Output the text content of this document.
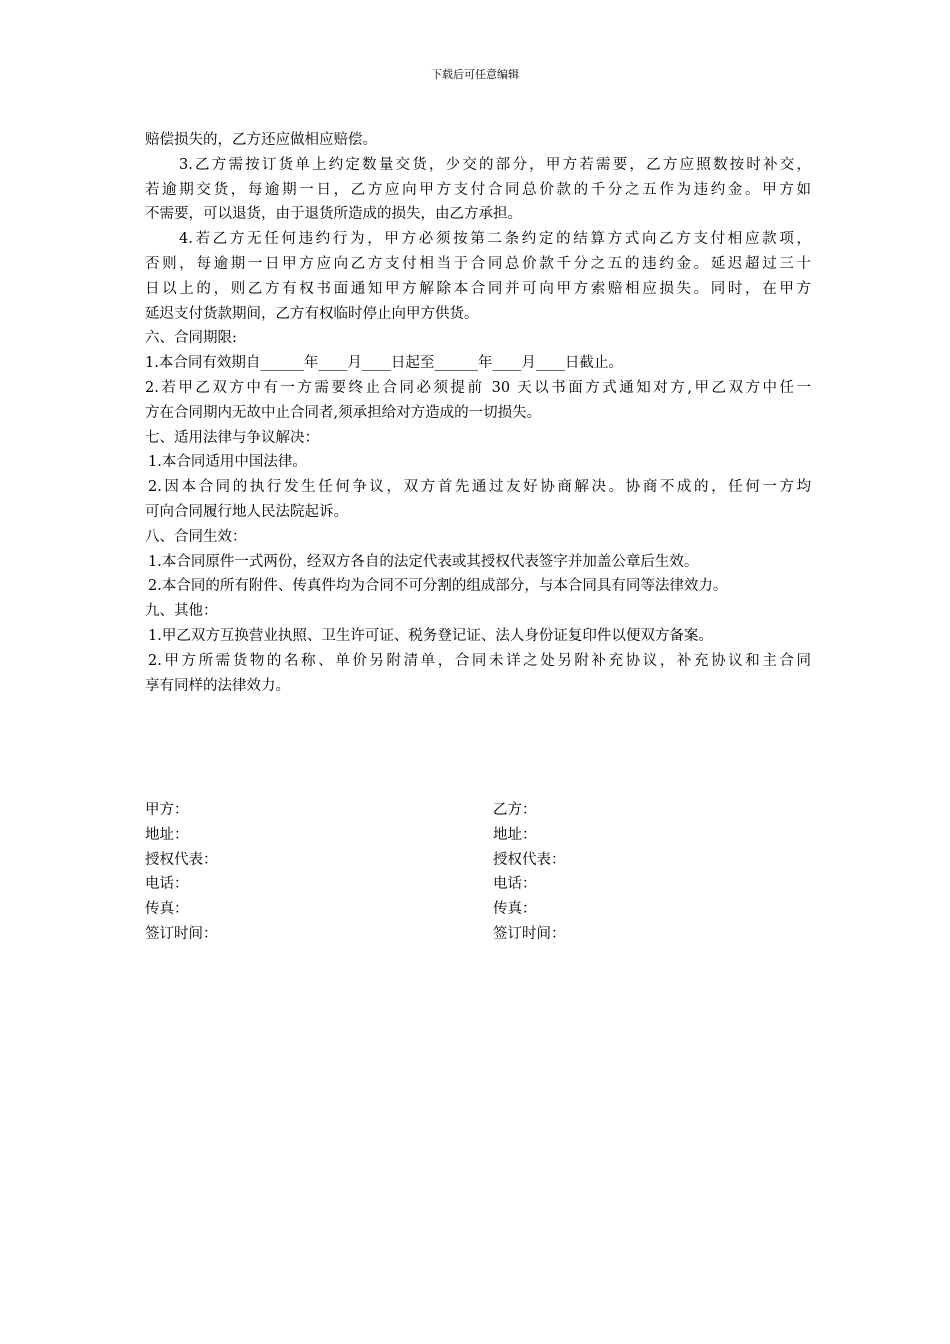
下载后可任意编辑
赔偿损失的，乙方还应做相应赔偿。
3.乙方需按订货单上约定数量交货，少交的部分，甲方若需要，乙方应照数按时补交，
若逾期交货，每逾期一日，乙方应向甲方支付合同总价款的千分之五作为违约金。甲方如
不需要，可以退货，由于退货所造成的损失，由乙方承担。
4.若乙方无任何违约行为，甲方必须按第二条约定的结算方式向乙方支付相应款项，
否则，每逾期一日甲方应向乙方支付相当于合同总价款千分之五的违约金。延迟超过三十
日以上的，则乙方有权书面通知甲方解除本合同并可向甲方索赔相应损失。同时，在甲方
延迟支付货款期间，乙方有权临时停止向甲方供货。
六、合同期限:
1.本合同有效期自______年____月____日起至______年____月____日截止。
2.若甲乙双方中有一方需要终止合同必须提前 30 天以书面方式通知对方,甲乙双方中任一
方在合同期内无故中止合同者,须承担给对方造成的一切损失。
七、适用法律与争议解决：
1.本合同适用中国法律。
2.因本合同的执行发生任何争议，双方首先通过友好协商解决。协商不成的，任何一方均
可向合同履行地人民法院起诉。
八、合同生效：
1.本合同原件一式两份，经双方各自的法定代表或其授权代表签字并加盖公章后生效。
2.本合同的所有附件、传真件均为合同不可分割的组成部分，与本合同具有同等法律效力。
九、其他：
1.甲乙双方互换营业执照、卫生许可证、税务登记证、法人身份证复印件以便双方备案。
2.甲方所需货物的名称、单价另附清单，合同未详之处另附补充协议，补充协议和主合同
享有同样的法律效力。
甲方：
地址：
授权代表：
电话：
传真：
签订时间：
乙方：
地址：
授权代表：
电话：
传真：
签订时间：
